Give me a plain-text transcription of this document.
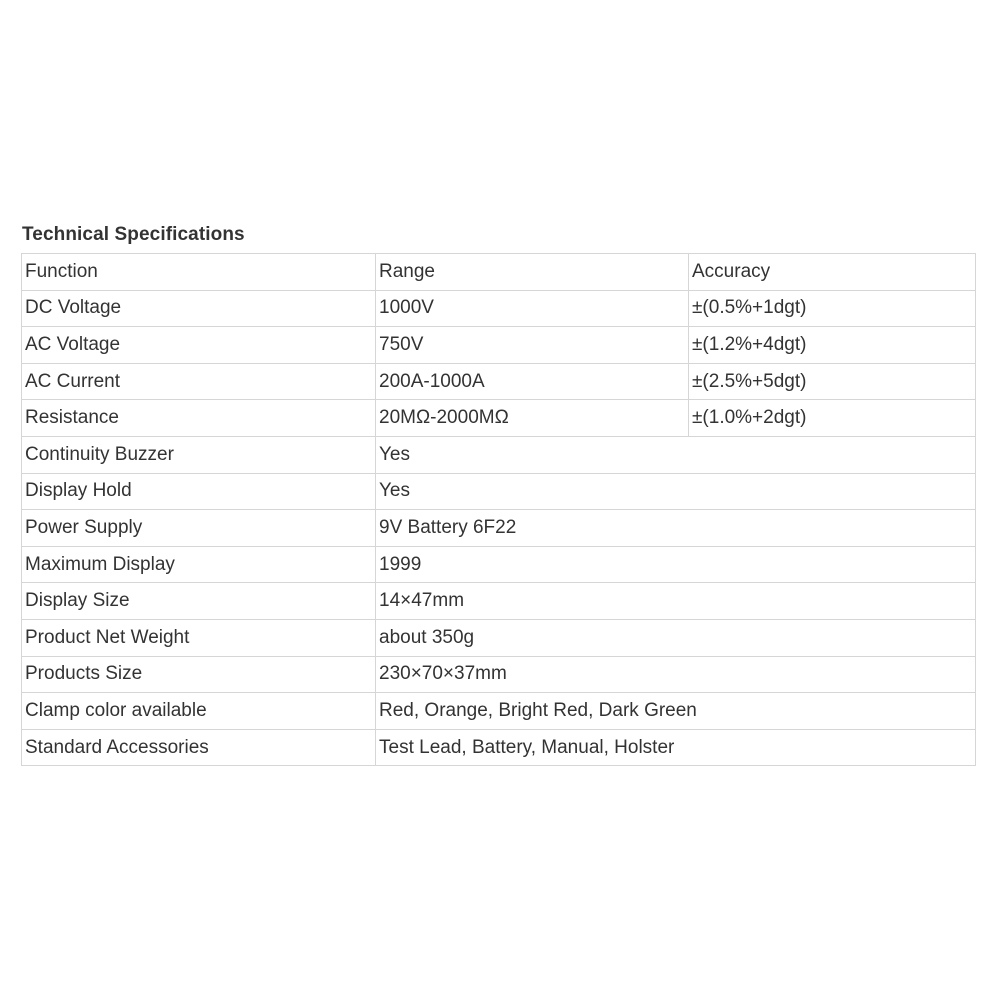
Technical Specifications
Function	Range	Accuracy
DC Voltage	1000V	±(0.5%+1dgt)
AC Voltage	750V	±(1.2%+4dgt)
AC Current	200A-1000A	±(2.5%+5dgt)
Resistance	20MΩ-2000MΩ	±(1.0%+2dgt)
Continuity Buzzer	Yes	
Display Hold	Yes	
Power Supply	9V Battery 6F22	
Maximum Display	1999	
Display Size	14×47mm	
Product Net Weight	about 350g	
Products Size	230×70×37mm	
Clamp color available	Red, Orange, Bright Red, Dark Green	
Standard Accessories	Test Lead, Battery, Manual, Holster	
